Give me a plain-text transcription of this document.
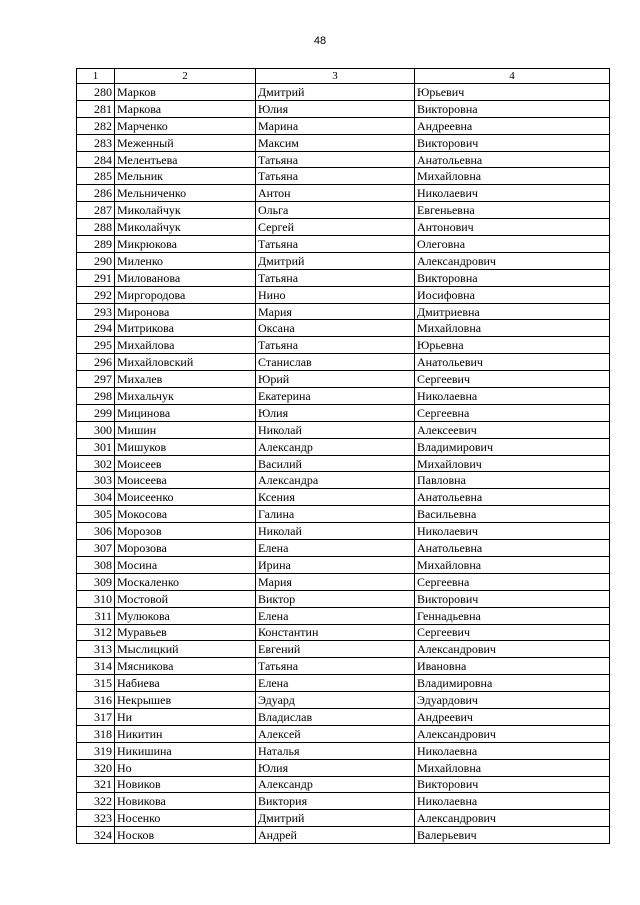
48
1	2	3	4
280	Марков	Дмитрий	Юрьевич
281	Маркова	Юлия	Викторовна
282	Марченко	Марина	Андреевна
283	Меженный	Максим	Викторович
284	Мелентьева	Татьяна	Анатольевна
285	Мельник	Татьяна	Михайловна
286	Мельниченко	Антон	Николаевич
287	Миколайчук	Ольга	Евгеньевна
288	Миколайчук	Сергей	Антонович
289	Микрюкова	Татьяна	Олеговна
290	Миленко	Дмитрий	Александрович
291	Милованова	Татьяна	Викторовна
292	Миргородова	Нино	Иосифовна
293	Миронова	Мария	Дмитриевна
294	Митрикова	Оксана	Михайловна
295	Михайлова	Татьяна	Юрьевна
296	Михайловский	Станислав	Анатольевич
297	Михалев	Юрий	Сергеевич
298	Михальчук	Екатерина	Николаевна
299	Мицинова	Юлия	Сергеевна
300	Мишин	Николай	Алексеевич
301	Мишуков	Александр	Владимирович
302	Моисеев	Василий	Михайлович
303	Моисеева	Александра	Павловна
304	Моисеенко	Ксения	Анатольевна
305	Мокосова	Галина	Васильевна
306	Морозов	Николай	Николаевич
307	Морозова	Елена	Анатольевна
308	Мосина	Ирина	Михайловна
309	Москаленко	Мария	Сергеевна
310	Мостовой	Виктор	Викторович
311	Мулюкова	Елена	Геннадьевна
312	Муравьев	Константин	Сергеевич
313	Мыслицкий	Евгений	Александрович
314	Мясникова	Татьяна	Ивановна
315	Набиева	Елена	Владимировна
316	Некрышев	Эдуард	Эдуардович
317	Ни	Владислав	Андреевич
318	Никитин	Алексей	Александрович
319	Никишина	Наталья	Николаевна
320	Но	Юлия	Михайловна
321	Новиков	Александр	Викторович
322	Новикова	Виктория	Николаевна
323	Носенко	Дмитрий	Александрович
324	Носков	Андрей	Валерьевич
